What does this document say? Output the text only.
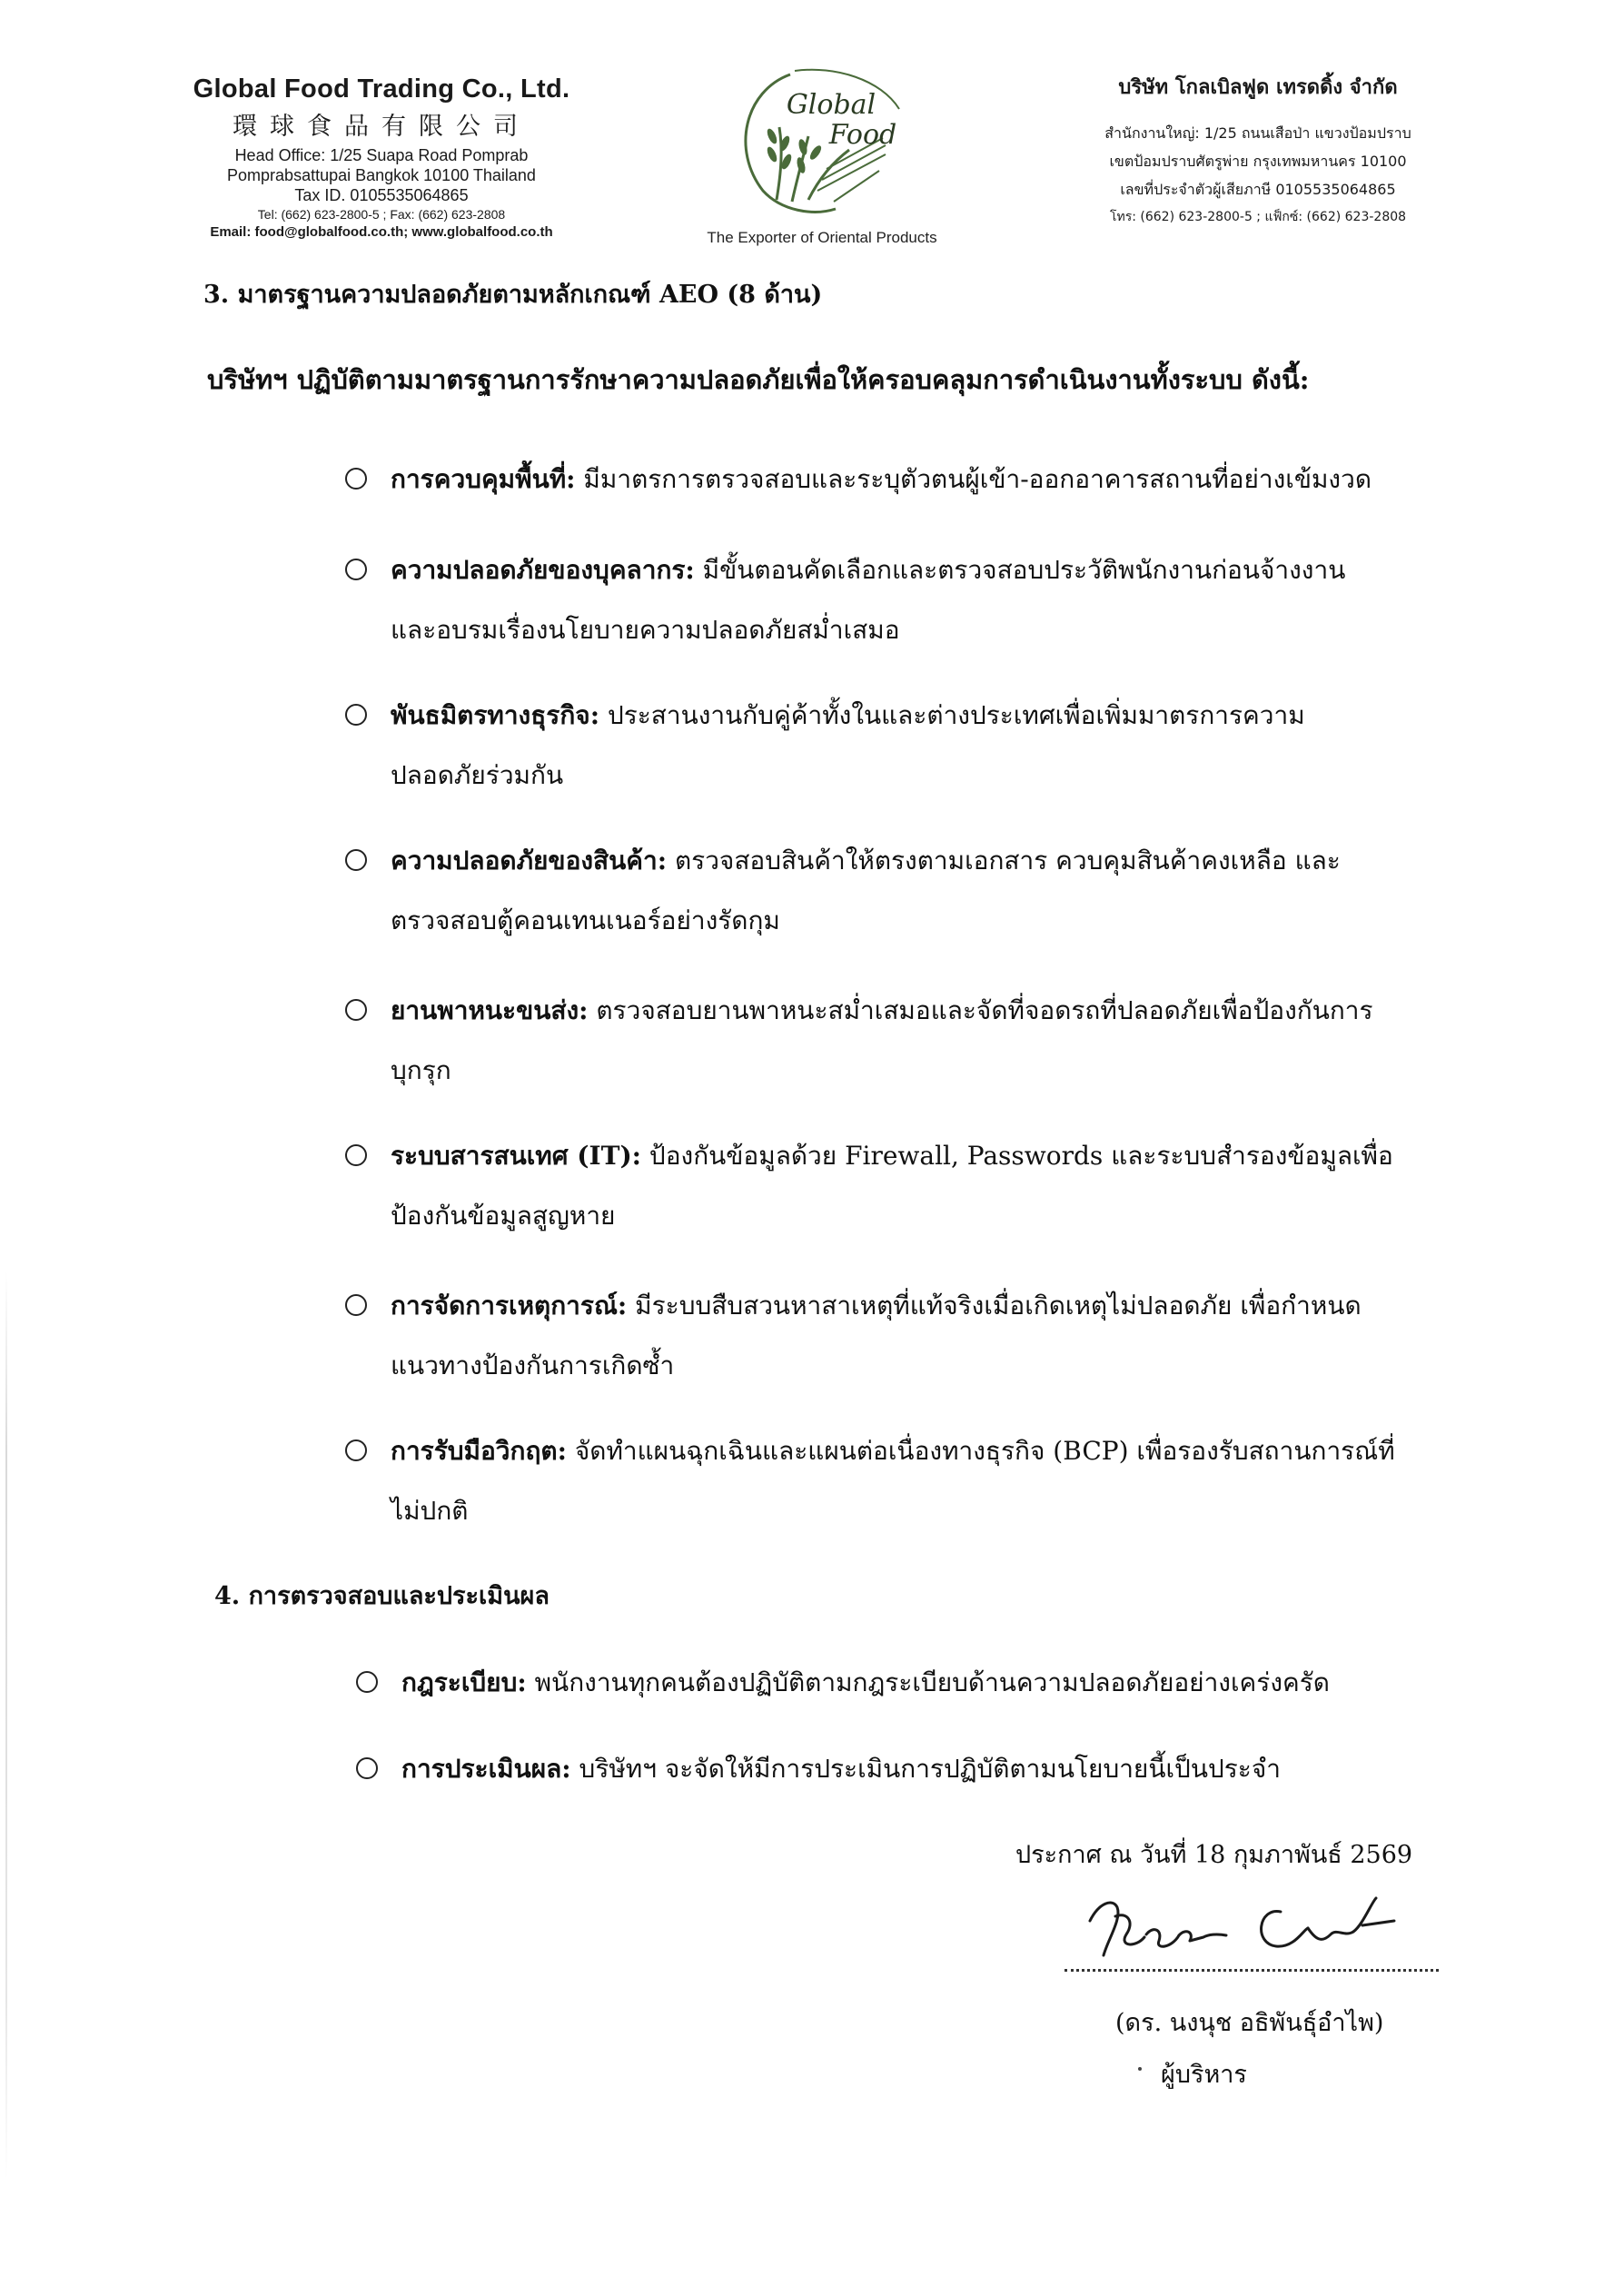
Global Food Trading Co., Ltd.
環球食品有限公司
Head Office: 1/25 Suapa Road Pomprab
Pomprabsattupai Bangkok 10100 Thailand
Tax ID. 0105535064865
Tel: (662) 623-2800-5 ; Fax: (662) 623-2808
Email: food@globalfood.co.th; www.globalfood.co.th
Global
Food
The Exporter of Oriental Products
บริษัท โกลเบิลฟูด เทรดดิ้ง จำกัด
สำนักงานใหญ่: 1/25 ถนนเสือป่า แขวงป้อมปราบ
เขตป้อมปราบศัตรูพ่าย กรุงเทพมหานคร 10100
เลขที่ประจำตัวผู้เสียภาษี 0105535064865
โทร: (662) 623-2800-5 ; แฟ็กซ์: (662) 623-2808
3. มาตรฐานความปลอดภัยตามหลักเกณฑ์ AEO (8 ด้าน)
บริษัทฯ ปฏิบัติตามมาตรฐานการรักษาความปลอดภัยเพื่อให้ครอบคลุมการดำเนินงานทั้งระบบ ดังนี้:
การควบคุมพื้นที่: มีมาตรการตรวจสอบและระบุตัวตนผู้เข้า-ออกอาคารสถานที่อย่างเข้มงวด
ความปลอดภัยของบุคลากร: มีขั้นตอนคัดเลือกและตรวจสอบประวัติพนักงานก่อนจ้างงาน
และอบรมเรื่องนโยบายความปลอดภัยสม่ำเสมอ
พันธมิตรทางธุรกิจ: ประสานงานกับคู่ค้าทั้งในและต่างประเทศเพื่อเพิ่มมาตรการความ
ปลอดภัยร่วมกัน
ความปลอดภัยของสินค้า: ตรวจสอบสินค้าให้ตรงตามเอกสาร ควบคุมสินค้าคงเหลือ และ
ตรวจสอบตู้คอนเทนเนอร์อย่างรัดกุม
ยานพาหนะขนส่ง: ตรวจสอบยานพาหนะสม่ำเสมอและจัดที่จอดรถที่ปลอดภัยเพื่อป้องกันการ
บุกรุก
ระบบสารสนเทศ (IT): ป้องกันข้อมูลด้วย Firewall, Passwords และระบบสำรองข้อมูลเพื่อ
ป้องกันข้อมูลสูญหาย
การจัดการเหตุการณ์: มีระบบสืบสวนหาสาเหตุที่แท้จริงเมื่อเกิดเหตุไม่ปลอดภัย เพื่อกำหนด
แนวทางป้องกันการเกิดซ้ำ
การรับมือวิกฤต: จัดทำแผนฉุกเฉินและแผนต่อเนื่องทางธุรกิจ (BCP) เพื่อรองรับสถานการณ์ที่
ไม่ปกติ
4. การตรวจสอบและประเมินผล
กฎระเบียบ: พนักงานทุกคนต้องปฏิบัติตามกฎระเบียบด้านความปลอดภัยอย่างเคร่งครัด
การประเมินผล: บริษัทฯ จะจัดให้มีการประเมินการปฏิบัติตามนโยบายนี้เป็นประจำ
ประกาศ ณ วันที่ 18 กุมภาพันธ์ 2569
(ดร. นงนุช อธิพันธุ์อำไพ)
ผู้บริหาร
